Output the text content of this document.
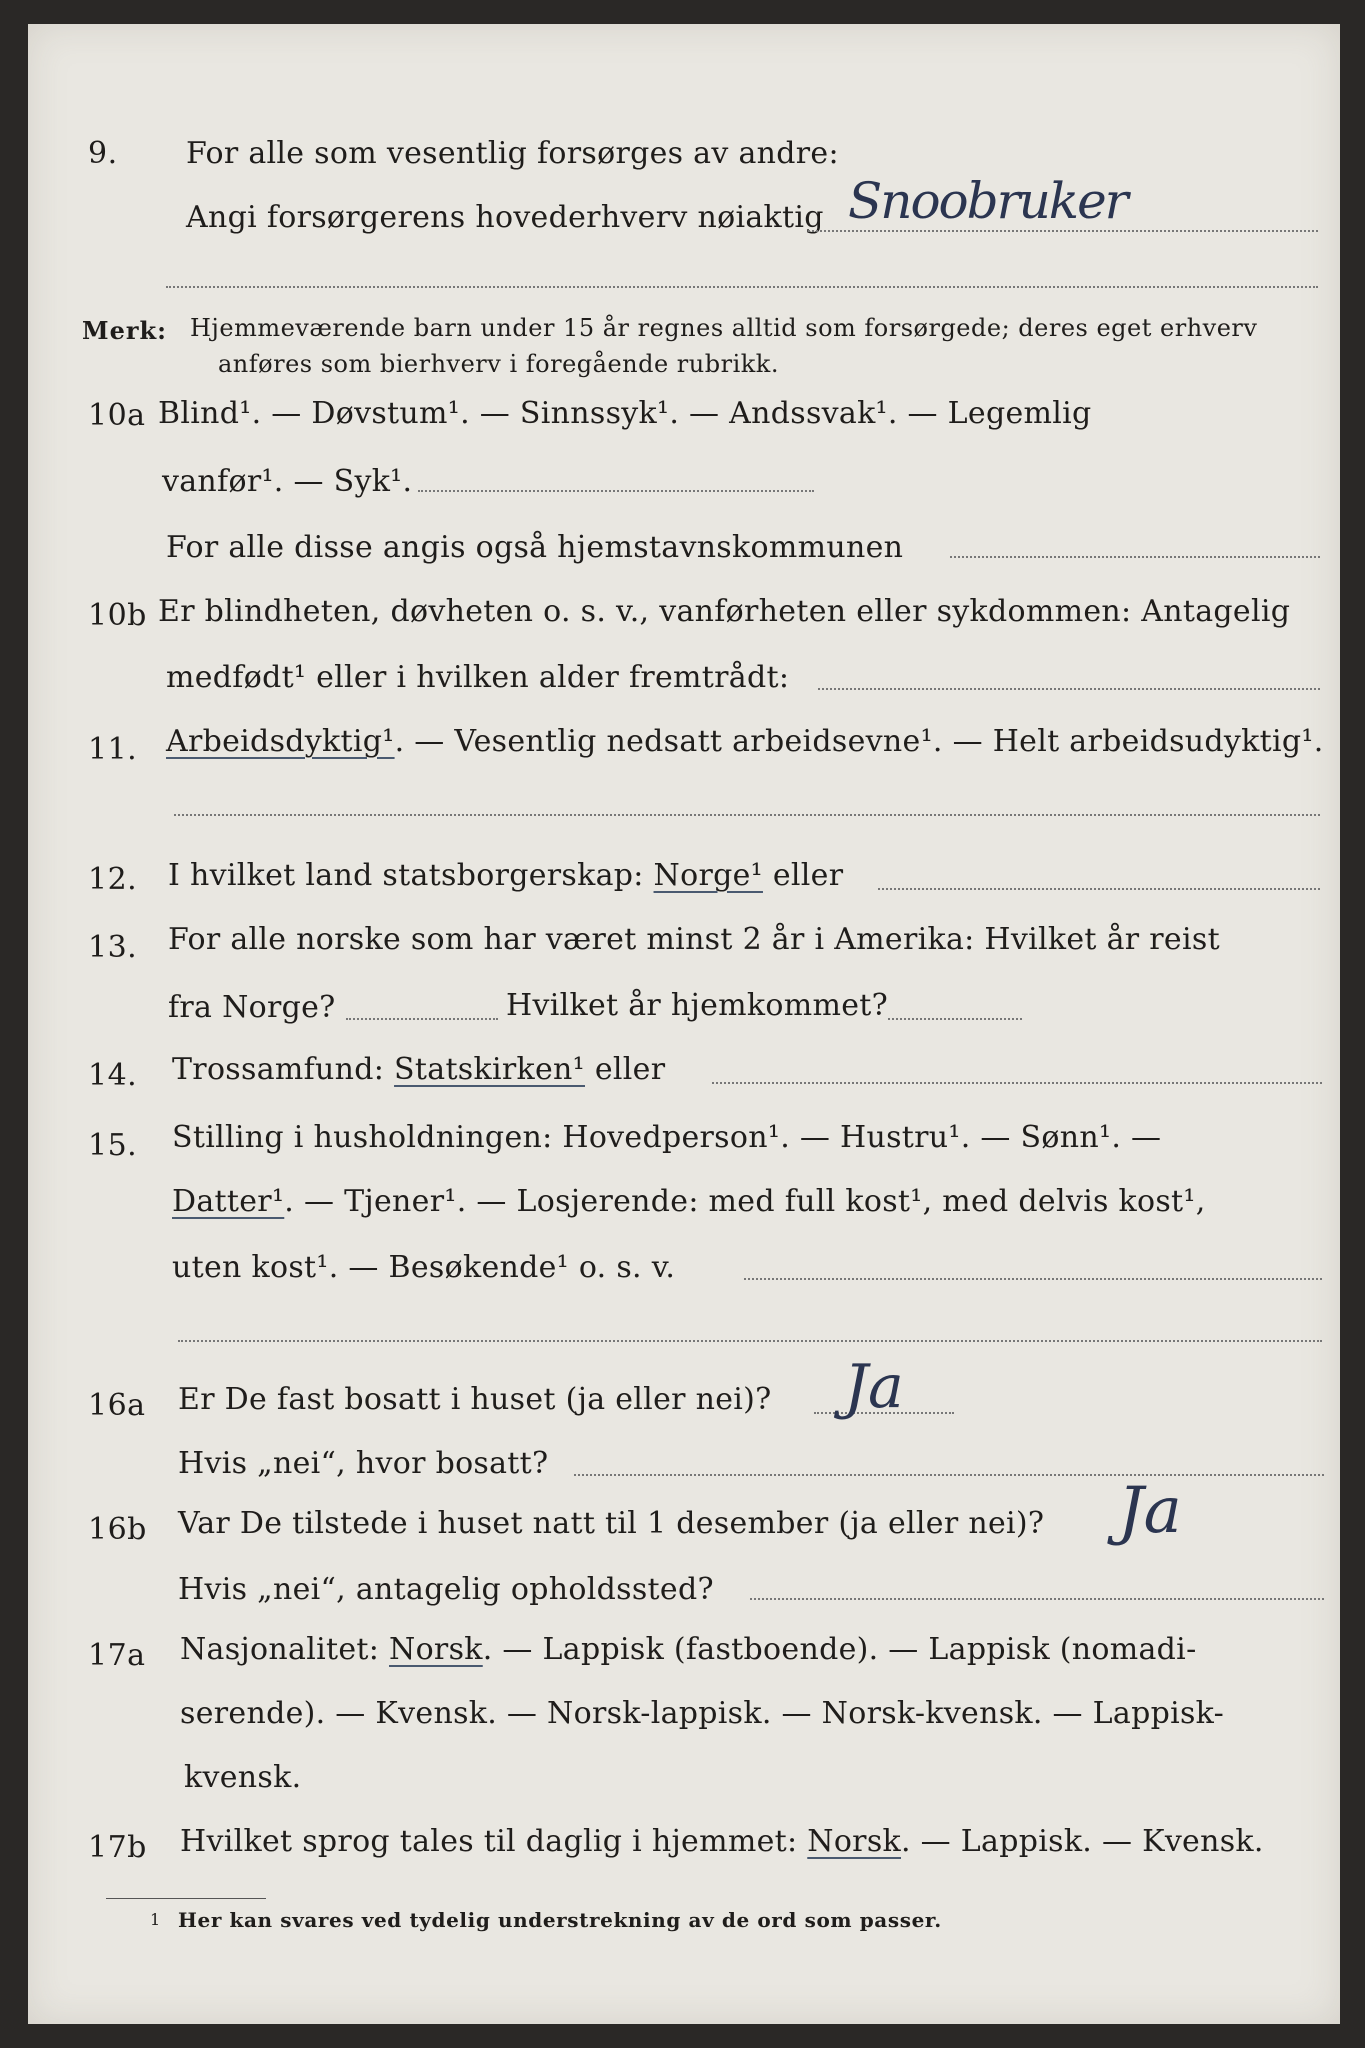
9. For alle som vesentlig forsørges av andre:
Angi forsørgerens hovederhverv nøiaktig Snoobruker
Merk: Hjemmeværende barn under 15 år regnes alltid som forsørgede; deres eget erhverv
anføres som bierhverv i foregående rubrikk.
10a Blind¹. — Døvstum¹. — Sinnssyk¹. — Andssvak¹. — Legemlig
vanfør¹. — Syk¹.
For alle disse angis også hjemstavnskommunen
10b Er blindheten, døvheten o. s. v., vanførheten eller sykdommen: Antagelig
medfødt¹ eller i hvilken alder fremtrådt:
11. Arbeidsdyktig¹. — Vesentlig nedsatt arbeidsevne¹. — Helt arbeidsudyktig¹.
12. I hvilket land statsborgerskap: Norge¹ eller
13. For alle norske som har været minst 2 år i Amerika: Hvilket år reist
fra Norge?	Hvilket år hjemkommet?
14. Trossamfund: Statskirken¹ eller
15. Stilling i husholdningen: Hovedperson¹. — Hustru¹. — Sønn¹. —
Datter¹. — Tjener¹. — Losjerende: med full kost¹, med delvis kost¹,
uten kost¹. — Besøkende¹ o. s. v.
16a Er De fast bosatt i huset (ja eller nei)? Ja
Hvis „nei“, hvor bosatt?
16b Var De tilstede i huset natt til 1 desember (ja eller nei)? Ja
Hvis „nei“, antagelig opholdssted?
17a Nasjonalitet: Norsk. — Lappisk (fastboende). — Lappisk (nomadi-
serende). — Kvensk. — Norsk-lappisk. — Norsk-kvensk. — Lappisk-
kvensk.
17b Hvilket sprog tales til daglig i hjemmet: Norsk. — Lappisk. — Kvensk.
1 Her kan svares ved tydelig understrekning av de ord som passer.
